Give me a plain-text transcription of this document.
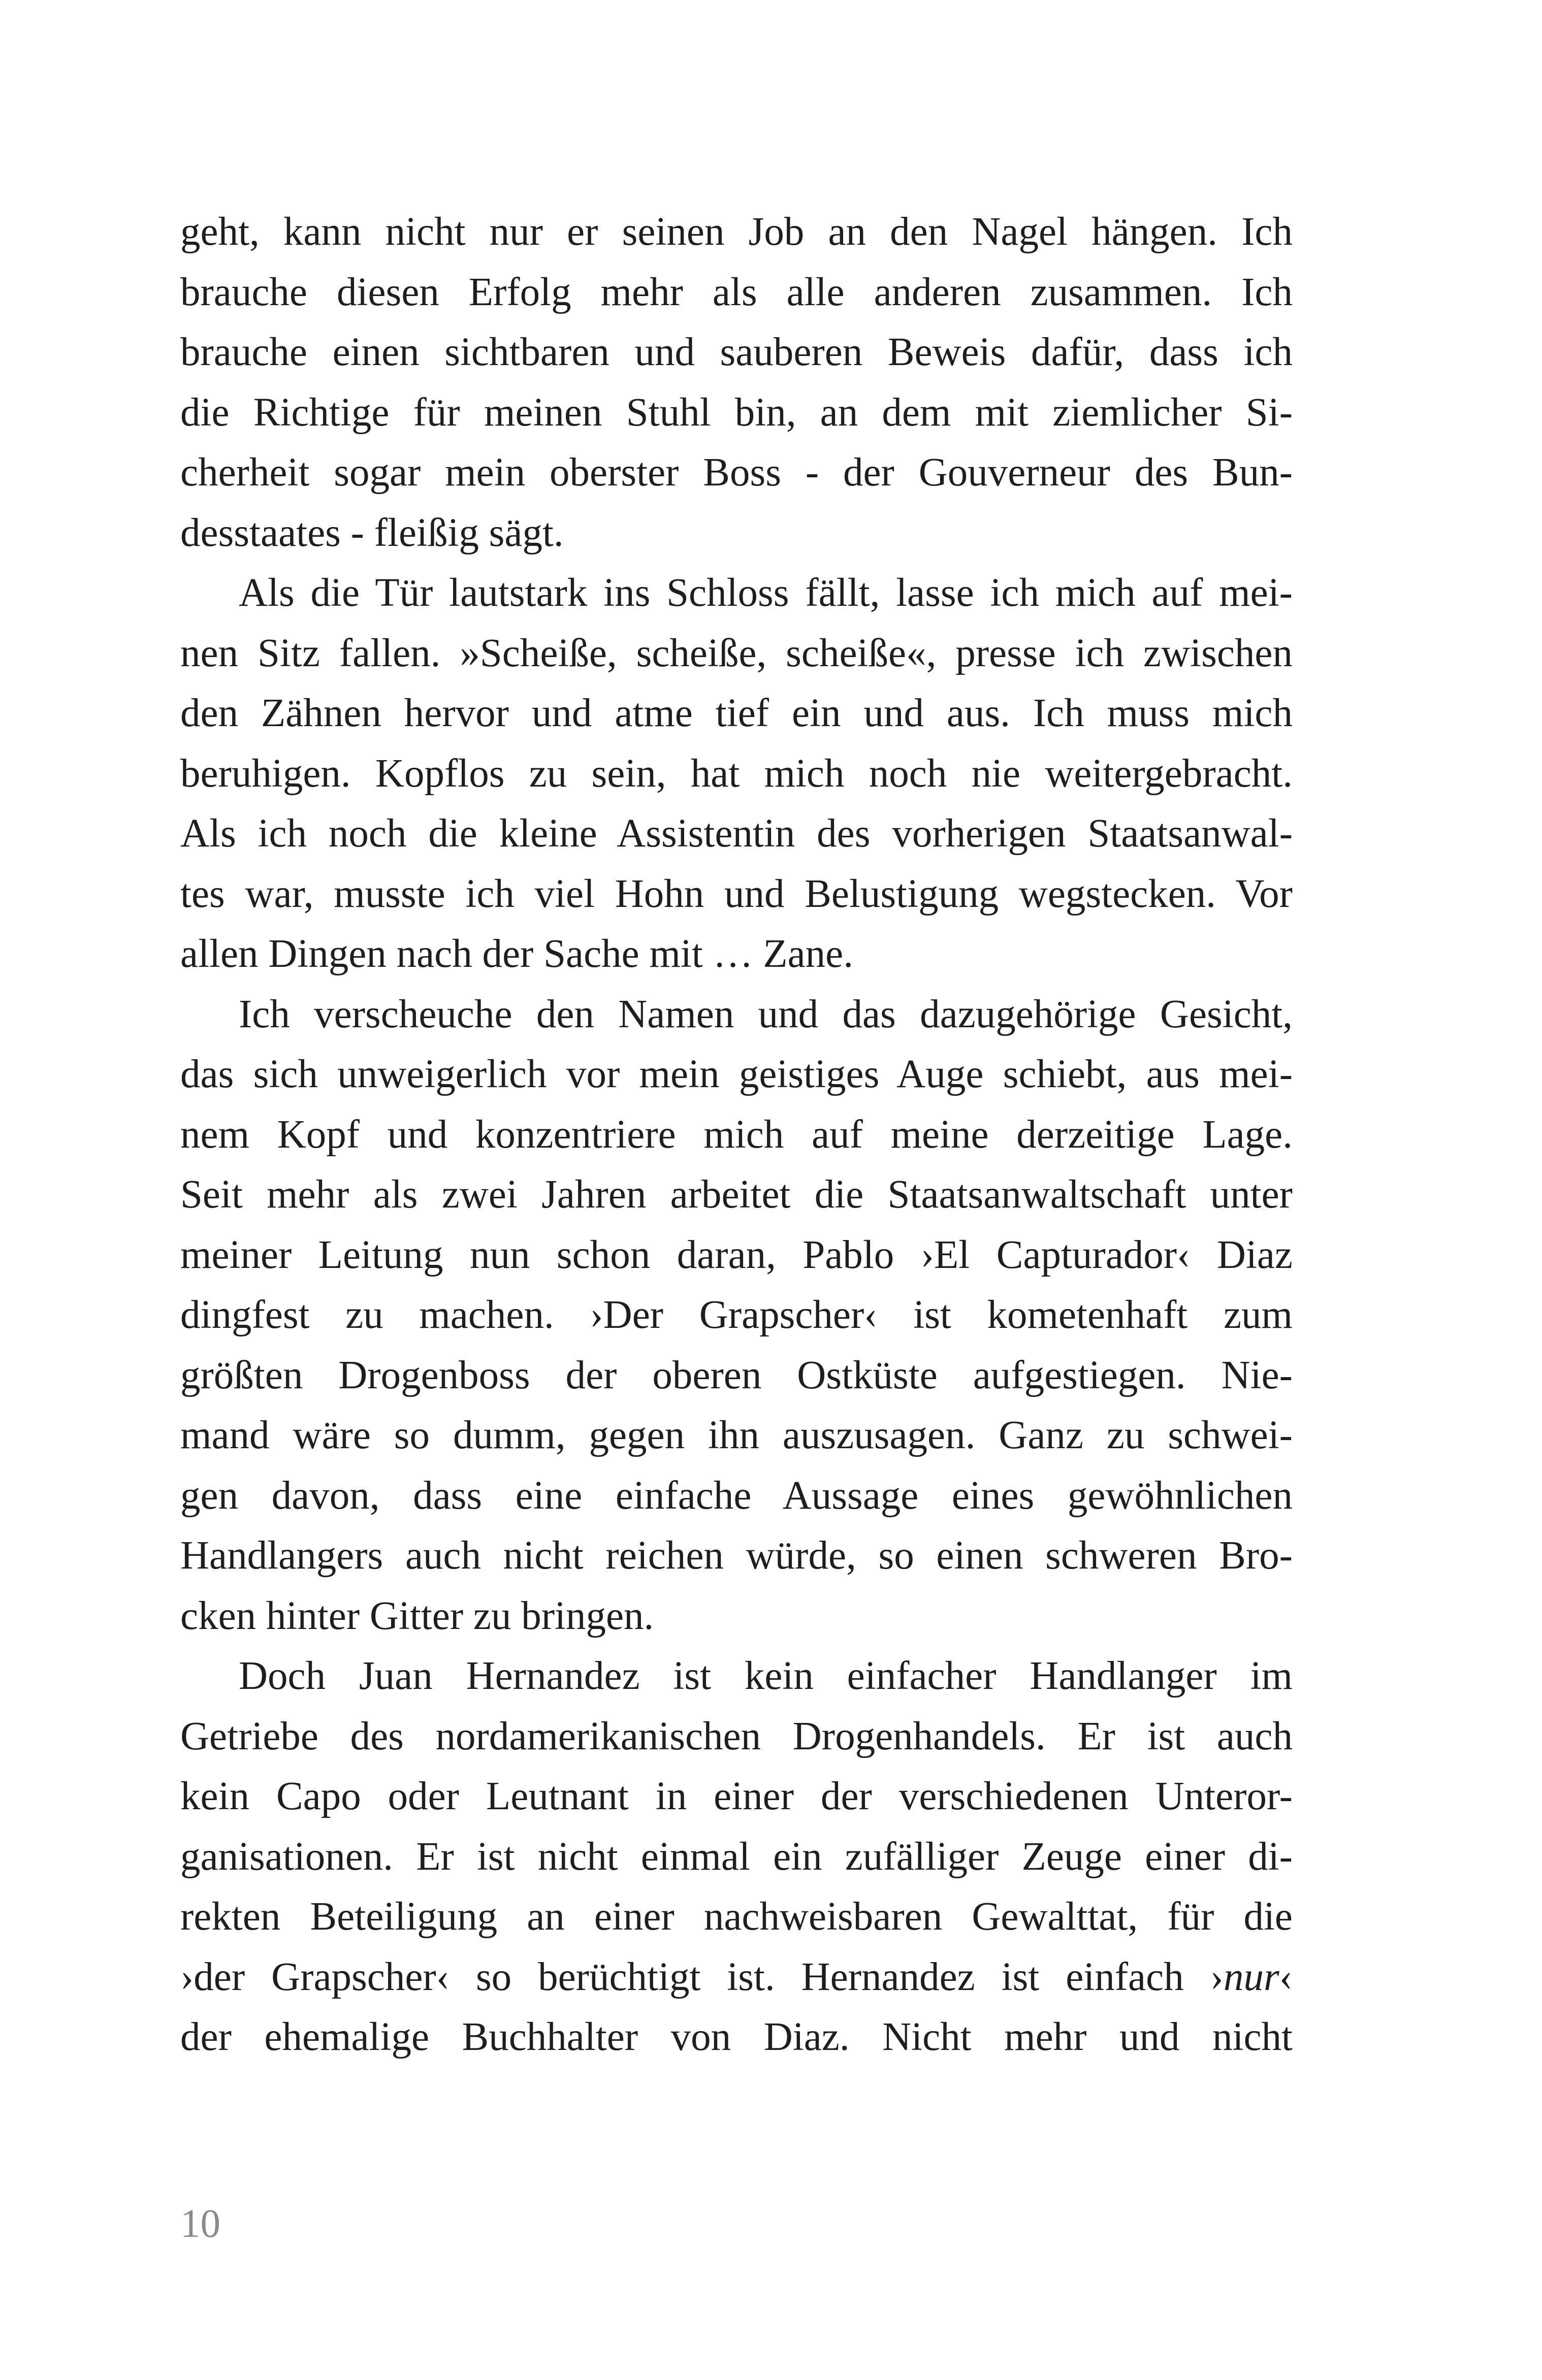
geht, kann nicht nur er seinen Job an den Nagel hängen. Ich
brauche diesen Erfolg mehr als alle anderen zusammen. Ich
brauche einen sichtbaren und sauberen Beweis dafür, dass ich
die Richtige für meinen Stuhl bin, an dem mit ziemlicher Si-
cherheit sogar mein oberster Boss - der Gouverneur des Bun-
desstaates - fleißig sägt.
Als die Tür lautstark ins Schloss fällt, lasse ich mich auf mei-
nen Sitz fallen. »Scheiße, scheiße, scheiße«, presse ich zwischen
den Zähnen hervor und atme tief ein und aus. Ich muss mich
beruhigen. Kopflos zu sein, hat mich noch nie weitergebracht.
Als ich noch die kleine Assistentin des vorherigen Staatsanwal-
tes war, musste ich viel Hohn und Belustigung wegstecken. Vor
allen Dingen nach der Sache mit … Zane.
Ich verscheuche den Namen und das dazugehörige Gesicht,
das sich unweigerlich vor mein geistiges Auge schiebt, aus mei-
nem Kopf und konzentriere mich auf meine derzeitige Lage.
Seit mehr als zwei Jahren arbeitet die Staatsanwaltschaft unter
meiner Leitung nun schon daran, Pablo ›El Capturador‹ Diaz
dingfest zu machen. ›Der Grapscher‹ ist kometenhaft zum
größten Drogenboss der oberen Ostküste aufgestiegen. Nie-
mand wäre so dumm, gegen ihn auszusagen. Ganz zu schwei-
gen davon, dass eine einfache Aussage eines gewöhnlichen
Handlangers auch nicht reichen würde, so einen schweren Bro-
cken hinter Gitter zu bringen.
Doch Juan Hernandez ist kein einfacher Handlanger im
Getriebe des nordamerikanischen Drogenhandels. Er ist auch
kein Capo oder Leutnant in einer der verschiedenen Unteror-
ganisationen. Er ist nicht einmal ein zufälliger Zeuge einer di-
rekten Beteiligung an einer nachweisbaren Gewalttat, für die
›der Grapscher‹ so berüchtigt ist. Hernandez ist einfach ›nur‹
der ehemalige Buchhalter von Diaz. Nicht mehr und nicht
10
